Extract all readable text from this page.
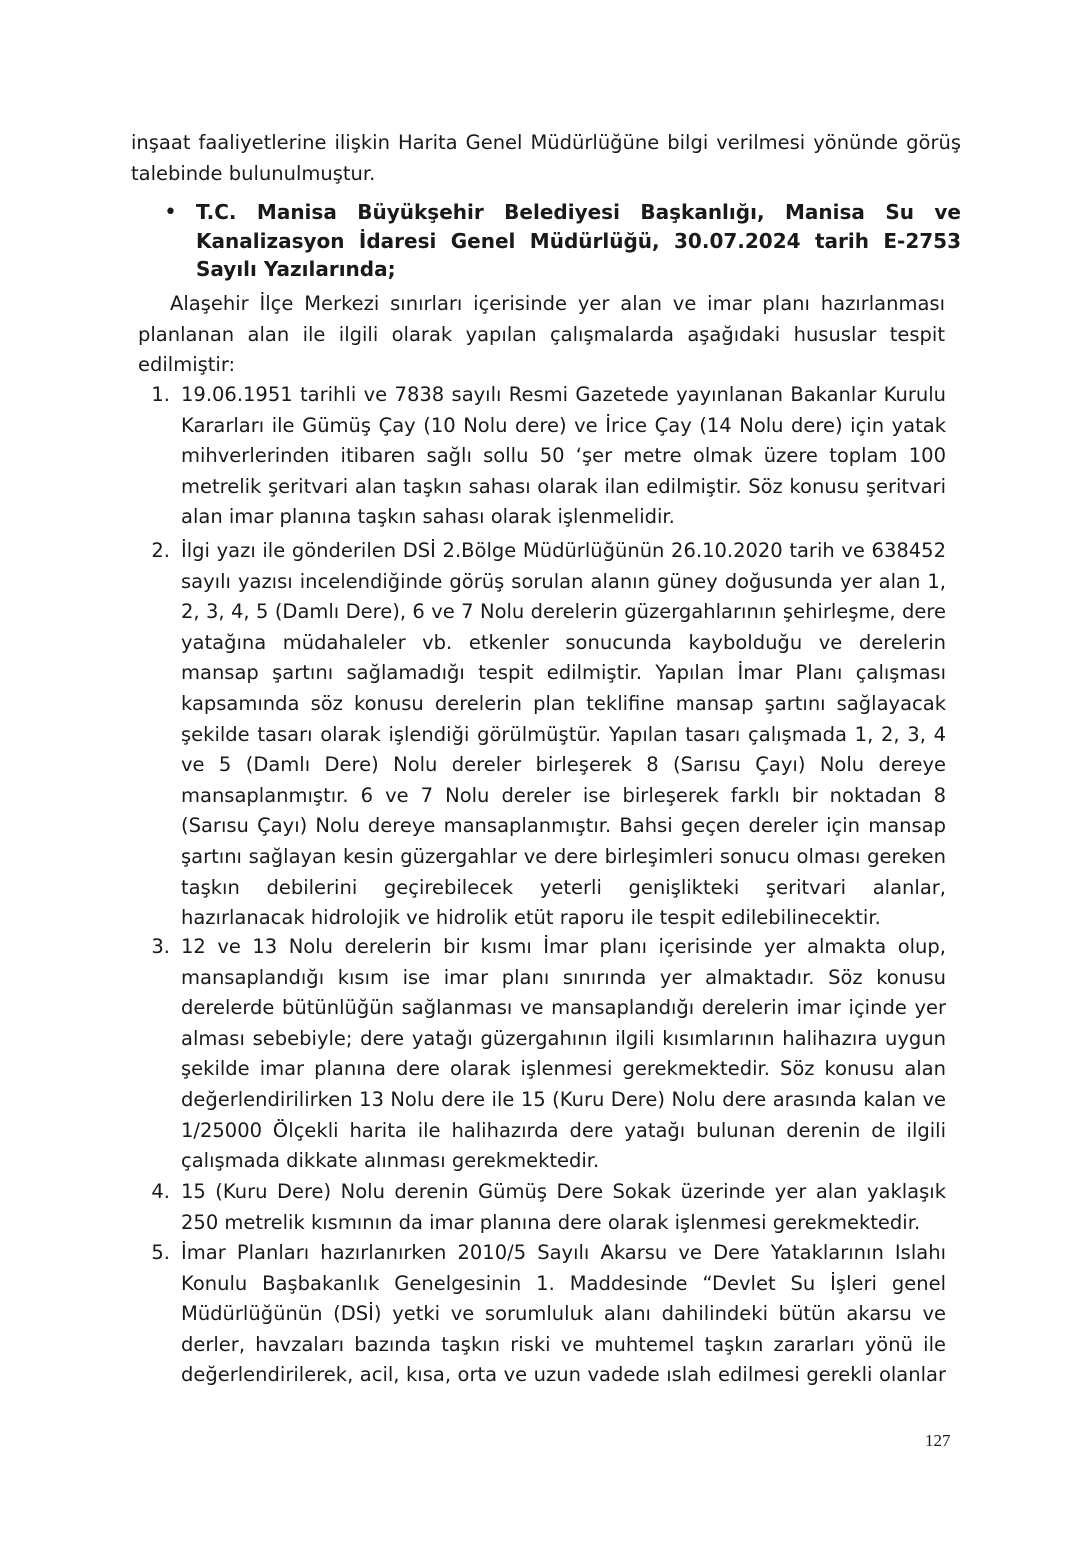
inşaat faaliyetlerine ilişkin Harita Genel Müdürlüğüne bilgi verilmesi yönünde görüş talebinde bulunulmuştur.

• T.C. Manisa Büyükşehir Belediyesi Başkanlığı, Manisa Su ve Kanalizasyon İdaresi Genel Müdürlüğü, 30.07.2024 tarih E-2753 Sayılı Yazılarında;

Alaşehir İlçe Merkezi sınırları içerisinde yer alan ve imar planı hazırlanması planlanan alan ile ilgili olarak yapılan çalışmalarda aşağıdaki hususlar tespit edilmiştir:

1. 19.06.1951 tarihli ve 7838 sayılı Resmi Gazetede yayınlanan Bakanlar Kurulu Kararları ile Gümüş Çay (10 Nolu dere) ve İrice Çay (14 Nolu dere) için yatak mihverlerinden itibaren sağlı sollu 50 ‘şer metre olmak üzere toplam 100 metrelik şeritvari alan taşkın sahası olarak ilan edilmiştir. Söz konusu şeritvari alan imar planına taşkın sahası olarak işlenmelidir.

2. İlgi yazı ile gönderilen DSİ 2.Bölge Müdürlüğünün 26.10.2020 tarih ve 638452 sayılı yazısı incelendiğinde görüş sorulan alanın güney doğusunda yer alan 1, 2, 3, 4, 5 (Damlı Dere), 6 ve 7 Nolu derelerin güzergahlarının şehirleşme, dere yatağına müdahaleler vb. etkenler sonucunda kaybolduğu ve derelerin mansap şartını sağlamadığı tespit edilmiştir. Yapılan İmar Planı çalışması kapsamında söz konusu derelerin plan teklifine mansap şartını sağlayacak şekilde tasarı olarak işlendiği görülmüştür. Yapılan tasarı çalışmada 1, 2, 3, 4 ve 5 (Damlı Dere) Nolu dereler birleşerek 8 (Sarısu Çayı) Nolu dereye mansaplanmıştır. 6 ve 7 Nolu dereler ise birleşerek farklı bir noktadan 8 (Sarısu Çayı) Nolu dereye mansaplanmıştır. Bahsi geçen dereler için mansap şartını sağlayan kesin güzergahlar ve dere birleşimleri sonucu olması gereken taşkın debilerini geçirebilecek yeterli genişlikteki şeritvari alanlar, hazırlanacak hidrolojik ve hidrolik etüt raporu ile tespit edilebilinecektir.

3. 12 ve 13 Nolu derelerin bir kısmı İmar planı içerisinde yer almakta olup, mansaplandığı kısım ise imar planı sınırında yer almaktadır. Söz konusu derelerde bütünlüğün sağlanması ve mansaplandığı derelerin imar içinde yer alması sebebiyle; dere yatağı güzergahının ilgili kısımlarının halihazıra uygun şekilde imar planına dere olarak işlenmesi gerekmektedir. Söz konusu alan değerlendirilirken 13 Nolu dere ile 15 (Kuru Dere) Nolu dere arasında kalan ve 1/25000 Ölçekli harita ile halihazırda dere yatağı bulunan derenin de ilgili çalışmada dikkate alınması gerekmektedir.

4. 15 (Kuru Dere) Nolu derenin Gümüş Dere Sokak üzerinde yer alan yaklaşık 250 metrelik kısmının da imar planına dere olarak işlenmesi gerekmektedir.

5. İmar Planları hazırlanırken 2010/5 Sayılı Akarsu ve Dere Yataklarının Islahı Konulu Başbakanlık Genelgesinin 1. Maddesinde “Devlet Su İşleri genel Müdürlüğünün (DSİ) yetki ve sorumluluk alanı dahilindeki bütün akarsu ve derler, havzaları bazında taşkın riski ve muhtemel taşkın zararları yönü ile değerlendirilerek, acil, kısa, orta ve uzun vadede ıslah edilmesi gerekli olanlar

127
